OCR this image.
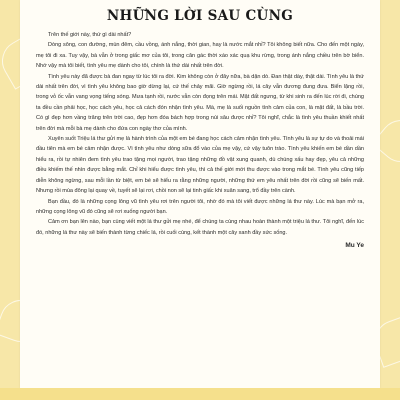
NHỮNG LỜI SAU CÙNG

Trên thế giới này, thứ gì dài nhất?

Dòng sông, con đường, mùn đêm, cầu vồng, ánh nắng, thời gian, hay là nước mắt nhỉ? Tôi không biết nữa. Cho đến một ngày, mẹ tôi đi xa. Tuy vậy, bà vẫn ở trong giấc mơ của tôi, trong căn gác thời xáo xác quạ khu rừng, trong ánh nắng chiều trên bờ biển. Nhớ vậy mà tôi biết, tình yêu mẹ dành cho tôi, chính là thứ dài nhất trên đời.

Tình yêu này đã được bà đan ngay từ lúc tôi ra đời. Kim không còn ở đây nữa, bà dặn dò. Đan thật dày, thật dài. Tình yêu là thứ dài nhất trên đời, vì tình yêu không bao giờ dừng lại, cứ thế chảy mãi. Giờ ngừng rồi, lá cây vẫn đương đung đưa. Biển lặng rồi, trong vỏ ốc vẫn vang vọng tiếng sóng. Mưa tạnh rồi, nước vẫn còn đọng trên mái. Mặt đất ngưng, từ khi sinh ra đến lúc rời đi, chúng ta đều cần phải học, học cách yêu, học cả cách đón nhận tình yêu. Mà, mẹ là suối nguồn tình cảm của con, là mặt đất, là bầu trời. Có gì đẹp hơn vầng trăng trên trời cao, đẹp hơn đóa bách hợp trong núi sâu được nhỉ? Tôi nghĩ, chắc là tình yêu thuần khiết nhất trên đời mà mỗi bà mẹ dành cho đứa con ngày thơ của mình.

Xuyên suốt Triệu lá thư gửi mẹ là hành trình của một em bé đang học cách cảm nhận tình yêu. Tình yêu là sự tự do và thoải mái đầu tiên mà em bé cảm nhận được. Vì tình yêu như dòng sữa đổ vào của mẹ vậy, cứ vậy tuôn trào. Tình yêu khiến em bé dần dần hiểu ra, rồi tự nhiên đem tình yêu trao tặng mọi người, trao tặng những đồ vật xung quanh, dù chúng xấu hay đẹp, yêu cả những điều khiếm thế nhìn được bằng mắt. Chỉ khi hiểu được tình yêu, thì cả thế giới mới thu được vào trong mắt bé. Tình yêu cũng tiếp diễn không ngừng, sau mỗi lần từ biệt, em bé sẽ hiểu ra rằng những người, những thứ em yêu nhất trên đời rồi cũng sẽ biến mất. Nhưng rồi mùa đông lại quay về, tuyết sẽ lại rơi, chồi non sẽ lại tinh giấc khi xuân sang, trổ đầy trên cành.

Bạn đầu, đó là những cọng lông vũ tình yêu rơi trên người tôi, nhờ đó mà tôi viết được những lá thư này. Lúc mà bạn mở ra, những cọng lông vũ đó cũng sẽ rơi xuống người bạn.

Cảm ơn bạn lên nào, bạn cùng viết một lá thư gửi mẹ nhé, để chúng ta cùng nhau hoàn thành một triệu lá thư. Tôi nghĩ, đến lúc đó, những lá thư này sẽ biến thành từng chiếc lá, rồi cuối cùng, kết thành một cây xanh đầy sức sống.

Mu Ye
